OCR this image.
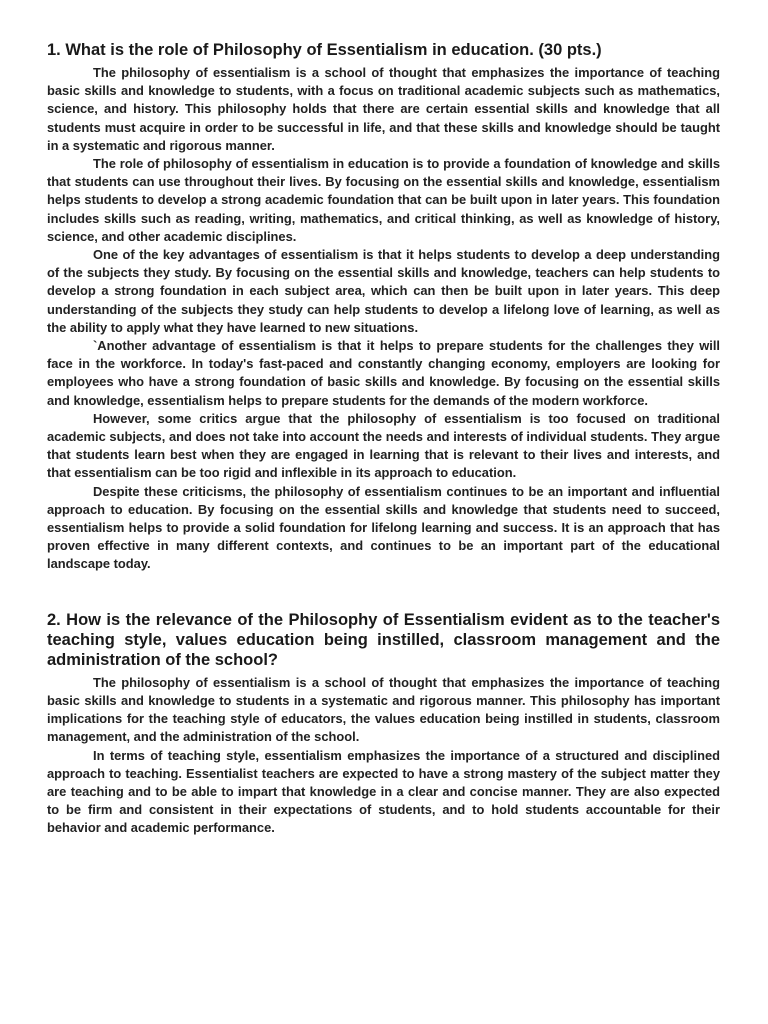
1. What is the role of Philosophy of Essentialism in education. (30 pts.)

The philosophy of essentialism is a school of thought that emphasizes the importance of teaching basic skills and knowledge to students, with a focus on traditional academic subjects such as mathematics, science, and history. This philosophy holds that there are certain essential skills and knowledge that all students must acquire in order to be successful in life, and that these skills and knowledge should be taught in a systematic and rigorous manner.

The role of philosophy of essentialism in education is to provide a foundation of knowledge and skills that students can use throughout their lives. By focusing on the essential skills and knowledge, essentialism helps students to develop a strong academic foundation that can be built upon in later years. This foundation includes skills such as reading, writing, mathematics, and critical thinking, as well as knowledge of history, science, and other academic disciplines.

One of the key advantages of essentialism is that it helps students to develop a deep understanding of the subjects they study. By focusing on the essential skills and knowledge, teachers can help students to develop a strong foundation in each subject area, which can then be built upon in later years. This deep understanding of the subjects they study can help students to develop a lifelong love of learning, as well as the ability to apply what they have learned to new situations.

`Another advantage of essentialism is that it helps to prepare students for the challenges they will face in the workforce. In today's fast-paced and constantly changing economy, employers are looking for employees who have a strong foundation of basic skills and knowledge. By focusing on the essential skills and knowledge, essentialism helps to prepare students for the demands of the modern workforce.

However, some critics argue that the philosophy of essentialism is too focused on traditional academic subjects, and does not take into account the needs and interests of individual students. They argue that students learn best when they are engaged in learning that is relevant to their lives and interests, and that essentialism can be too rigid and inflexible in its approach to education.

Despite these criticisms, the philosophy of essentialism continues to be an important and influential approach to education. By focusing on the essential skills and knowledge that students need to succeed, essentialism helps to provide a solid foundation for lifelong learning and success. It is an approach that has proven effective in many different contexts, and continues to be an important part of the educational landscape today.

2. How is the relevance of the Philosophy of Essentialism evident as to the teacher's teaching style, values education being instilled, classroom management and the administration of the school?

The philosophy of essentialism is a school of thought that emphasizes the importance of teaching basic skills and knowledge to students in a systematic and rigorous manner. This philosophy has important implications for the teaching style of educators, the values education being instilled in students, classroom management, and the administration of the school.

In terms of teaching style, essentialism emphasizes the importance of a structured and disciplined approach to teaching. Essentialist teachers are expected to have a strong mastery of the subject matter they are teaching and to be able to impart that knowledge in a clear and concise manner. They are also expected to be firm and consistent in their expectations of students, and to hold students accountable for their behavior and academic performance.
